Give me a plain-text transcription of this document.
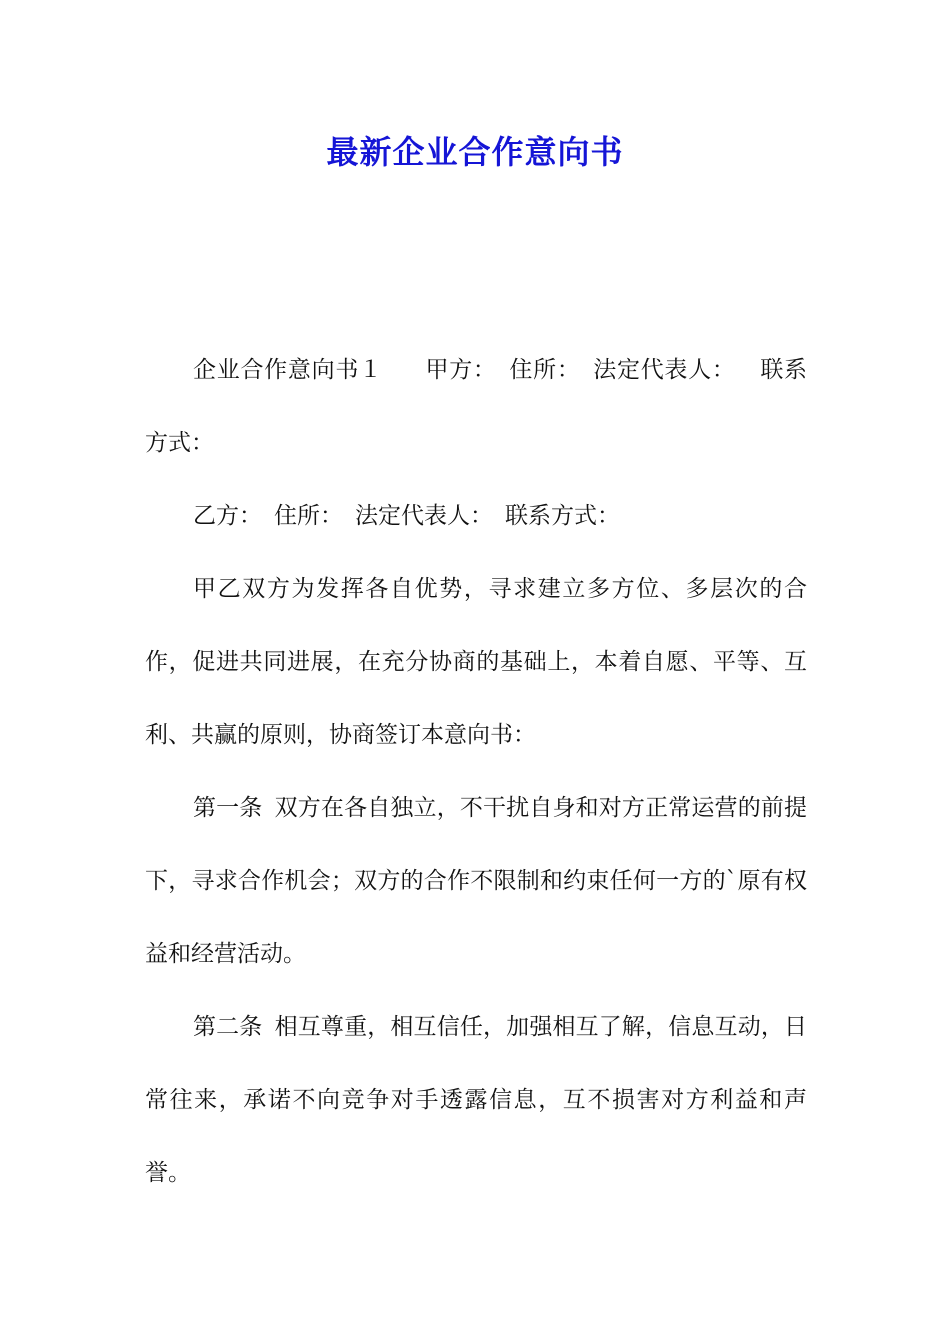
最新企业合作意向书

企业合作意向书１ 甲方： 住所： 法定代表人： 联系方式：

乙方： 住所： 法定代表人： 联系方式：

甲乙双方为发挥各自优势，寻求建立多方位、多层次的合作，促进共同进展，在充分协商的基础上，本着自愿、平等、互利、共赢的原则，协商签订本意向书：

第一条 双方在各自独立，不干扰自身和对方正常运营的前提下，寻求合作机会；双方的合作不限制和约束任何一方的`原有权益和经营活动。

第二条 相互尊重，相互信任，加强相互了解，信息互动，日常往来，承诺不向竞争对手透露信息，互不损害对方利益和声誉。
